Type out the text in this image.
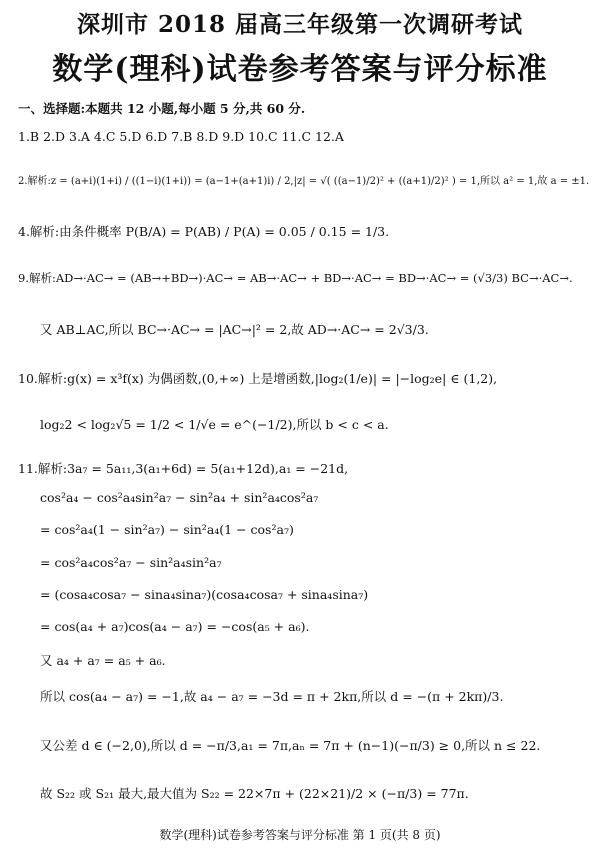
深圳市 2018 届高三年级第一次调研考试
数学(理科)试卷参考答案与评分标准
一、选择题:本题共 12 小题,每小题 5 分,共 60 分.
1.B 2.D 3.A 4.C 5.D 6.D 7.B 8.D 9.D 10.C 11.C 12.A
2.解析:z = (a+i)(1+i) / ((1−i)(1+i)) = (a−1+(a+1)i) / 2,|z| = √( ((a−1)/2)² + ((a+1)/2)² ) = 1,所以 a² = 1,故 a = ±1.
4.解析:由条件概率 P(B/A) = P(AB) / P(A) = 0.05 / 0.15 = 1/3.
9.解析:AD→·AC→ = (AB→+BD→)·AC→ = AB→·AC→ + BD→·AC→ = BD→·AC→ = (√3/3) BC→·AC→.
又 AB⊥AC,所以 BC→·AC→ = |AC→|² = 2,故 AD→·AC→ = 2√3/3.
10.解析:g(x) = x³f(x) 为偶函数,(0,+∞) 上是增函数,|log₂(1/e)| = |−log₂e| ∈ (1,2),
log₂2 < log₂√5 = 1/2 < 1/√e = e^(−1/2),所以 b < c < a.
11.解析:3a₇ = 5a₁₁,3(a₁+6d) = 5(a₁+12d),a₁ = −21d,
cos²a₄ − cos²a₄sin²a₇ − sin²a₄ + sin²a₄cos²a₇
= cos²a₄(1 − sin²a₇) − sin²a₄(1 − cos²a₇)
= cos²a₄cos²a₇ − sin²a₄sin²a₇
= (cosa₄cosa₇ − sina₄sina₇)(cosa₄cosa₇ + sina₄sina₇)
= cos(a₄ + a₇)cos(a₄ − a₇) = −cos(a₅ + a₆).
又 a₄ + a₇ = a₅ + a₆.
所以 cos(a₄ − a₇) = −1,故 a₄ − a₇ = −3d = π + 2kπ,所以 d = −(π + 2kπ)/3.
又公差 d ∈ (−2,0),所以 d = −π/3,a₁ = 7π,aₙ = 7π + (n−1)(−π/3) ≥ 0,所以 n ≤ 22.
故 S₂₂ 或 S₂₁ 最大,最大值为 S₂₂ = 22×7π + (22×21)/2 × (−π/3) = 77π.
数学(理科)试卷参考答案与评分标准 第 1 页(共 8 页)
